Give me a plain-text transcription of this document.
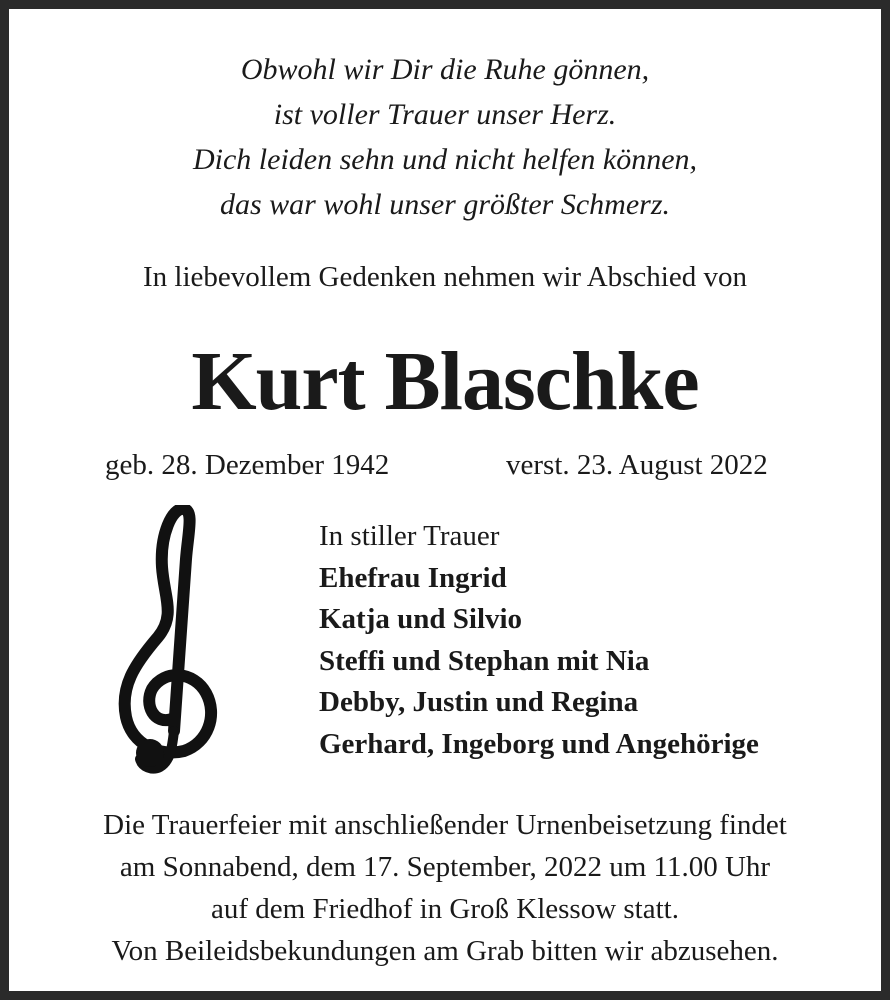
Obwohl wir Dir die Ruhe gönnen,
ist voller Trauer unser Herz.
Dich leiden sehn und nicht helfen können,
das war wohl unser größter Schmerz.
In liebevollem Gedenken nehmen wir Abschied von
Kurt Blaschke
geb. 28. Dezember 1942	verst. 23. August 2022
In stiller Trauer
Ehefrau Ingrid
Katja und Silvio
Steffi und Stephan mit Nia
Debby, Justin und Regina
Gerhard, Ingeborg und Angehörige
Die Trauerfeier mit anschließender Urnenbeisetzung findet
am Sonnabend, dem 17. September, 2022 um 11.00 Uhr
auf dem Friedhof in Groß Klessow statt.
Von Beileidsbekundungen am Grab bitten wir abzusehen.
